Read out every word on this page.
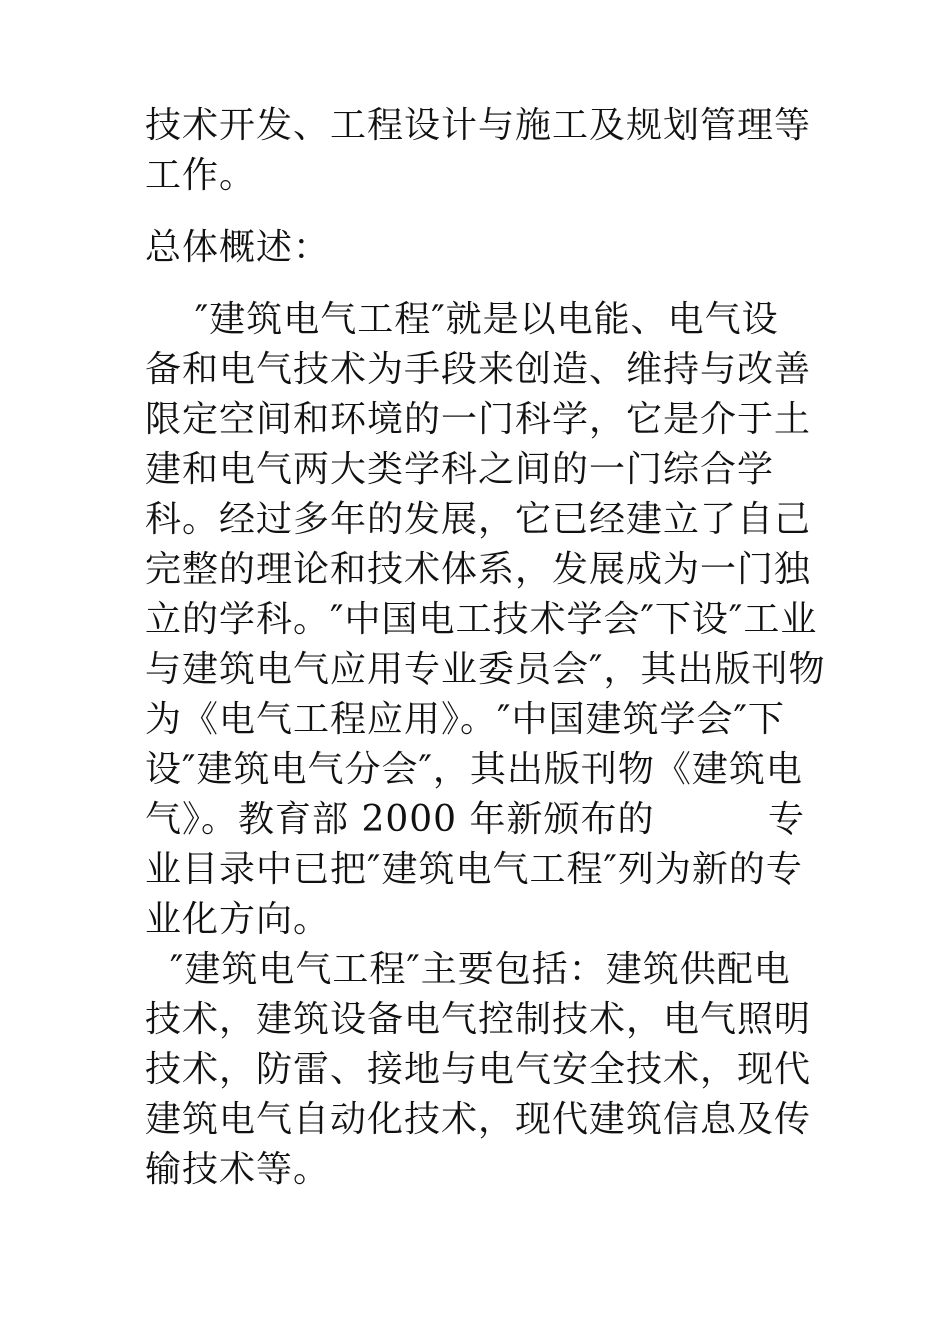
技术开发、工程设计与施工及规划管理等
工作。
总体概述：
″建筑电气工程″就是以电能、电气设
备和电气技术为手段来创造、维持与改善
限定空间和环境的一门科学，它是介于土
建和电气两大类学科之间的一门综合学
科。经过多年的发展，它已经建立了自己
完整的理论和技术体系，发展成为一门独
立的学科。″中国电工技术学会″下设″工业
与建筑电气应用专业委员会″，其出版刊物
为《电气工程应用》。″中国建筑学会″下
设″建筑电气分会″，其出版刊物《建筑电
气》。教育部 2000 年新颁布的	专
业目录中已把″建筑电气工程″列为新的专
业化方向。
″建筑电气工程″主要包括：建筑供配电
技术，建筑设备电气控制技术，电气照明
技术，防雷、接地与电气安全技术，现代
建筑电气自动化技术，现代建筑信息及传
输技术等。
